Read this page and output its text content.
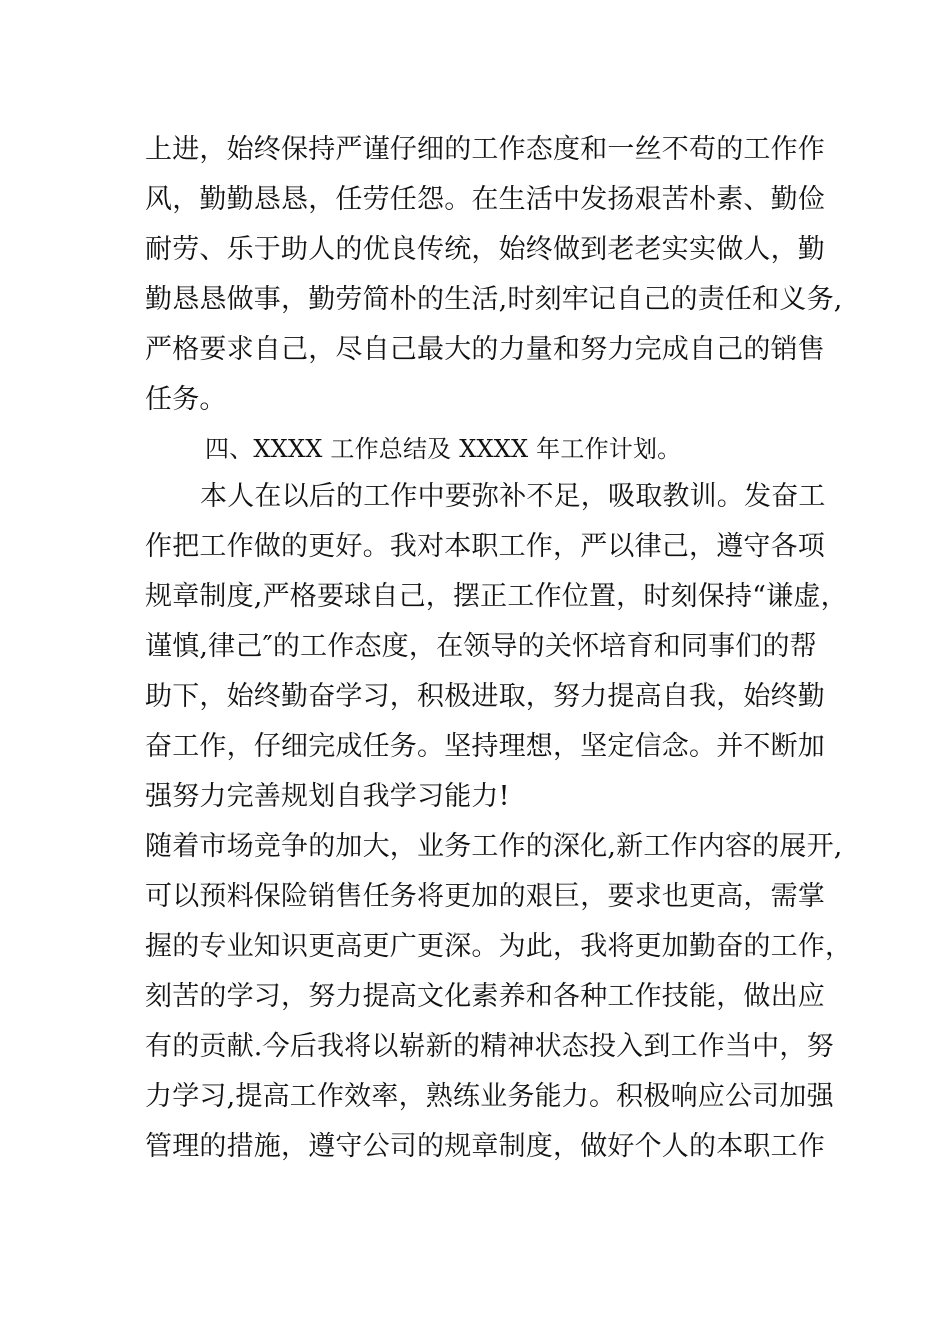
上进，始终保持严谨仔细的工作态度和一丝不苟的工作作
风，勤勤恳恳，任劳任怨。在生活中发扬艰苦朴素、勤俭
耐劳、乐于助人的优良传统，始终做到老老实实做人，勤
勤恳恳做事，勤劳简朴的生活,时刻牢记自己的责任和义务,
严格要求自己，尽自己最大的力量和努力完成自己的销售
任务。
四、XXXX 工作总结及 XXXX 年工作计划。
本人在以后的工作中要弥补不足，吸取教训。发奋工
作把工作做的更好。我对本职工作，严以律己，遵守各项
规章制度,严格要球自己，摆正工作位置，时刻保持“谦虚，
谨慎,律己″的工作态度，在领导的关怀培育和同事们的帮
助下，始终勤奋学习，积极进取，努力提高自我，始终勤
奋工作，仔细完成任务。坚持理想，坚定信念。并不断加
强努力完善规划自我学习能力!
随着市场竞争的加大，业务工作的深化,新工作内容的展开,
可以预料保险销售任务将更加的艰巨，要求也更高，需掌
握的专业知识更高更广更深。为此，我将更加勤奋的工作，
刻苦的学习，努力提高文化素养和各种工作技能，做出应
有的贡献.今后我将以崭新的精神状态投入到工作当中，努
力学习,提高工作效率，熟练业务能力。积极响应公司加强
管理的措施，遵守公司的规章制度，做好个人的本职工作
